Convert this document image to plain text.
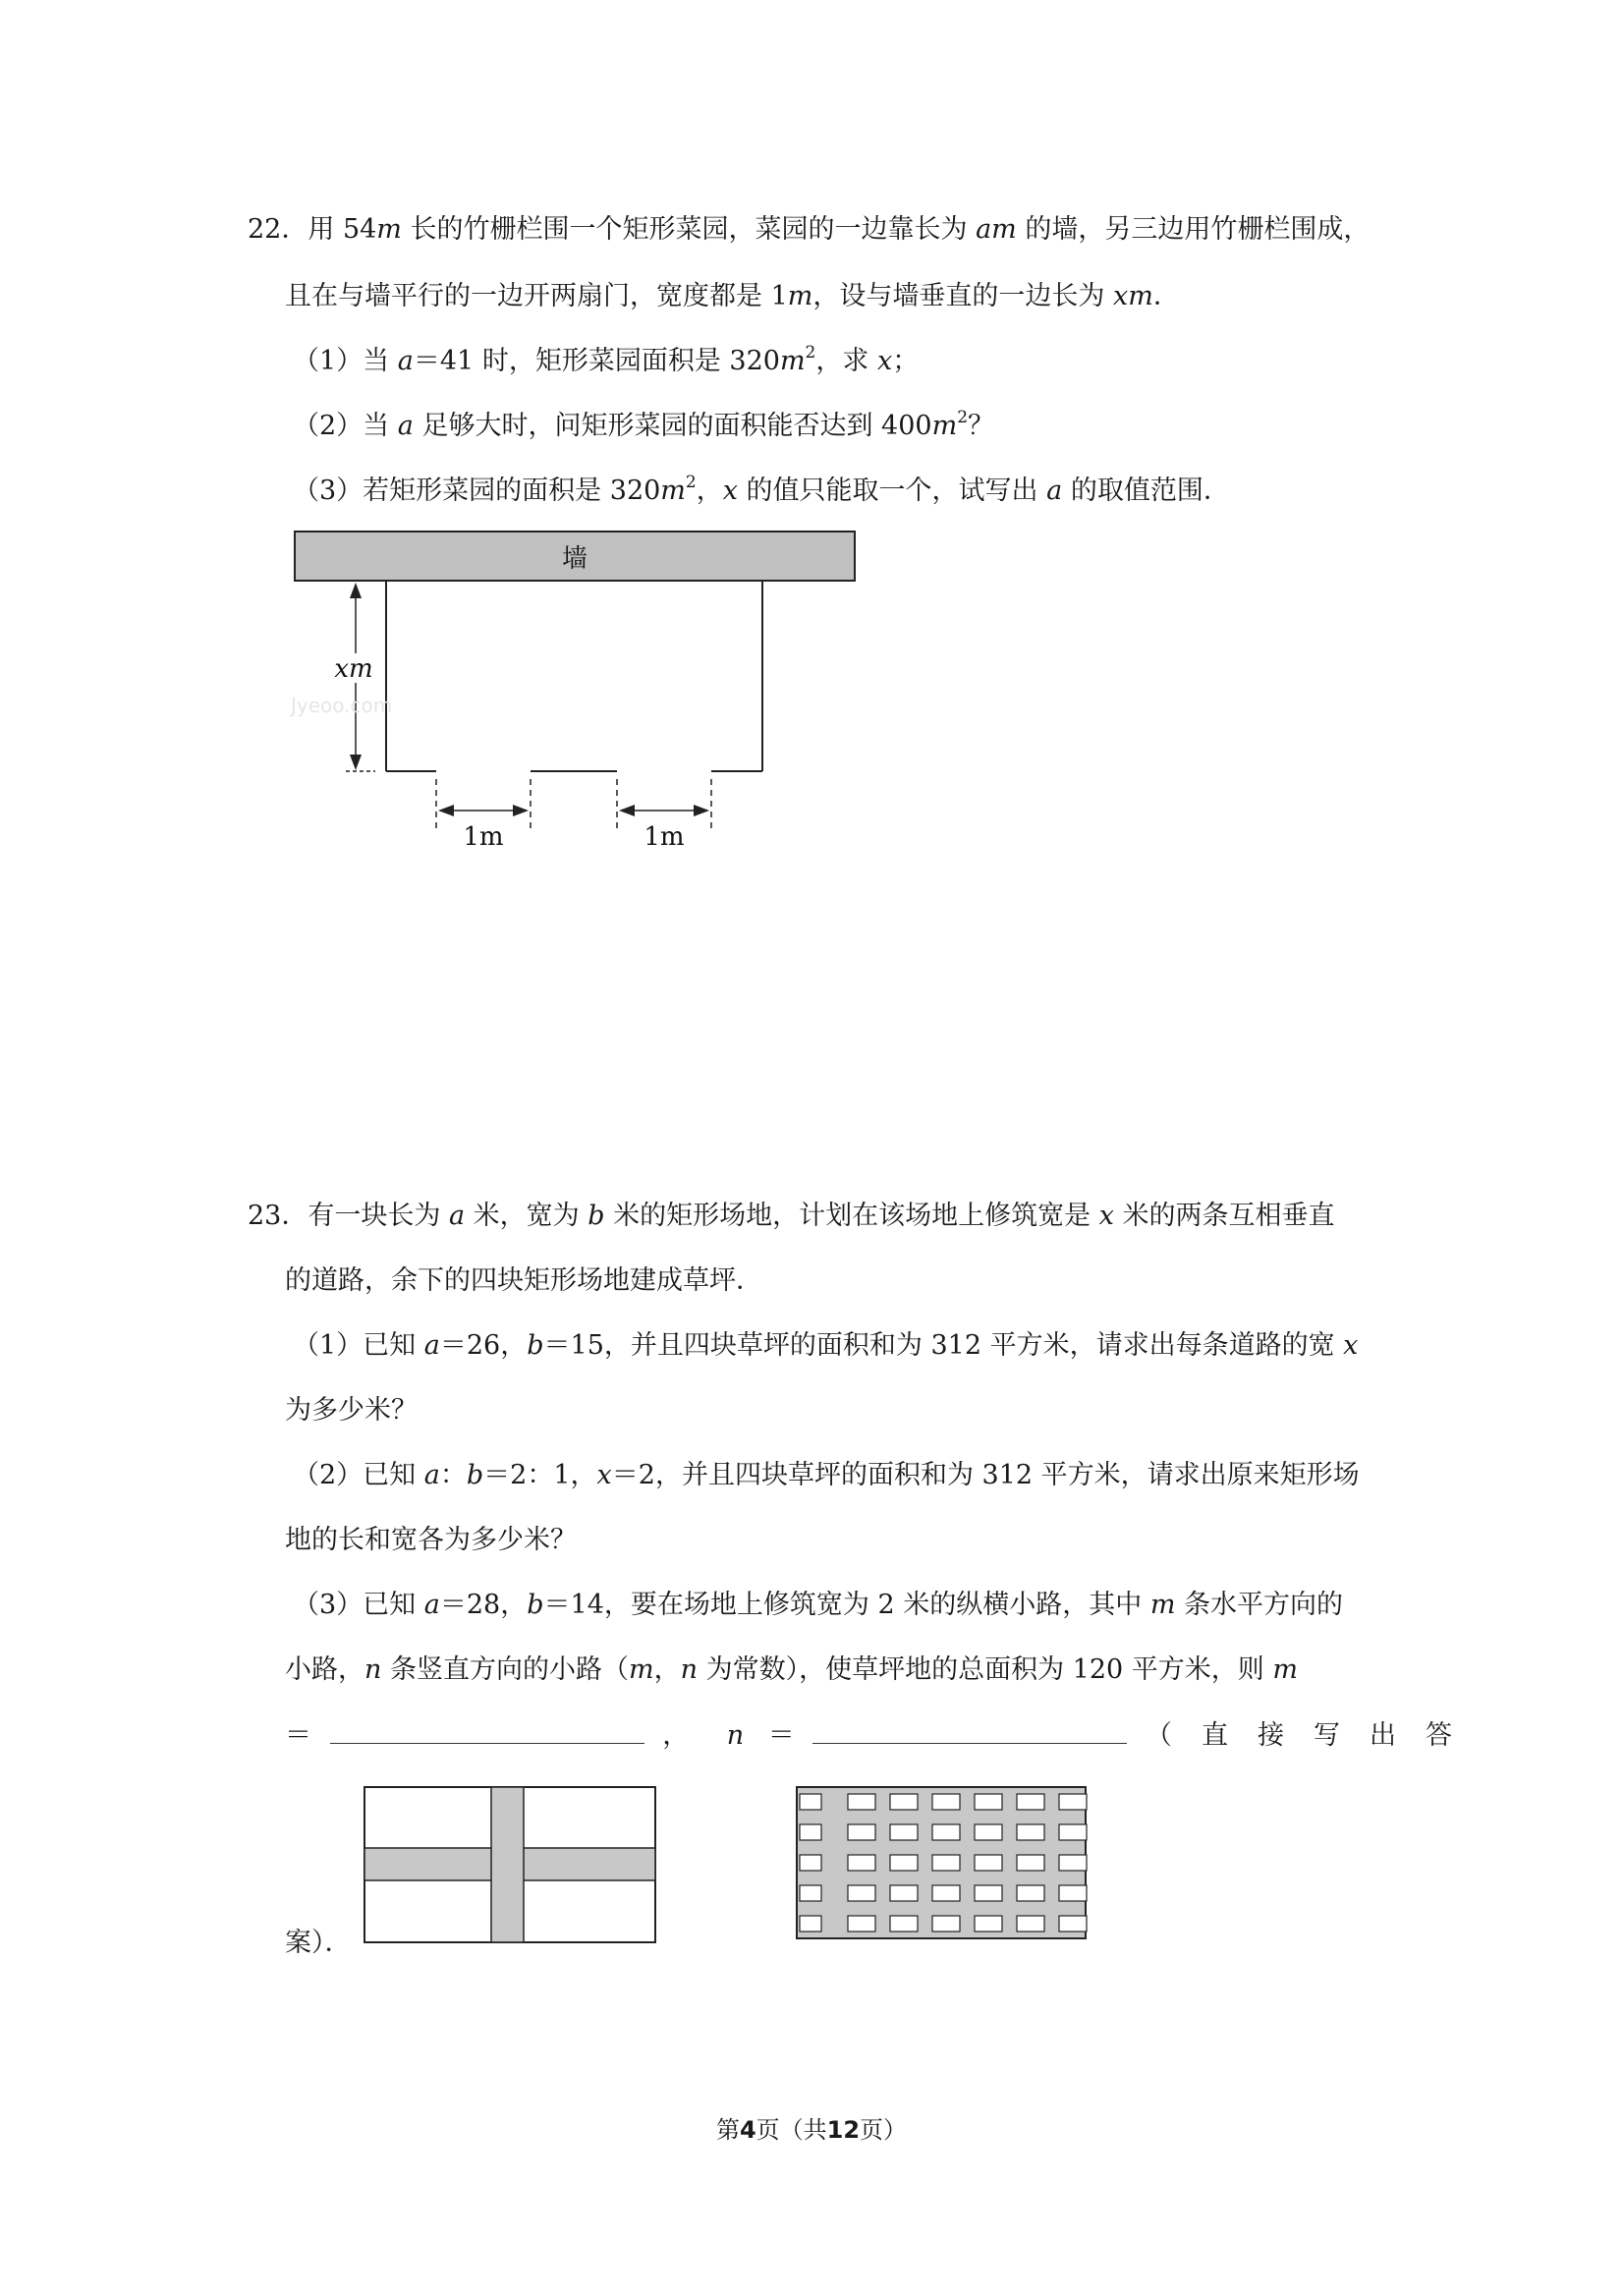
22．用 54m 长的竹栅栏围一个矩形菜园，菜园的一边靠长为 am 的墙，另三边用竹栅栏围成，
且在与墙平行的一边开两扇门，宽度都是 1m，设与墙垂直的一边长为 xm．
（1）当 a＝41 时，矩形菜园面积是 $320m^2$，求 x；
（2）当 a 足够大时，问矩形菜园的面积能否达到 $400m^2$？
（3）若矩形菜园的面积是 $320m^2$，x 的值只能取一个，试写出 a 的取值范围．
墙
xm
Jyeoo.com
1m	1m
23．有一块长为 a 米，宽为 b 米的矩形场地，计划在该场地上修筑宽是 x 米的两条互相垂直
的道路，余下的四块矩形场地建成草坪．
（1）已知 a＝26，b＝15，并且四块草坪的面积和为 312 平方米，请求出每条道路的宽 x
为多少米？
（2）已知 a：b＝2：1，x＝2，并且四块草坪的面积和为 312 平方米，请求出原来矩形场
地的长和宽各为多少米？
（3）已知 a＝28，b＝14，要在场地上修筑宽为 2 米的纵横小路，其中 m 条水平方向的
小路，n 条竖直方向的小路（m，n 为常数），使草坪地的总面积为 120 平方米，则 m
＝	， n ＝	（直接写出答
案）．
第4页（共12页）
